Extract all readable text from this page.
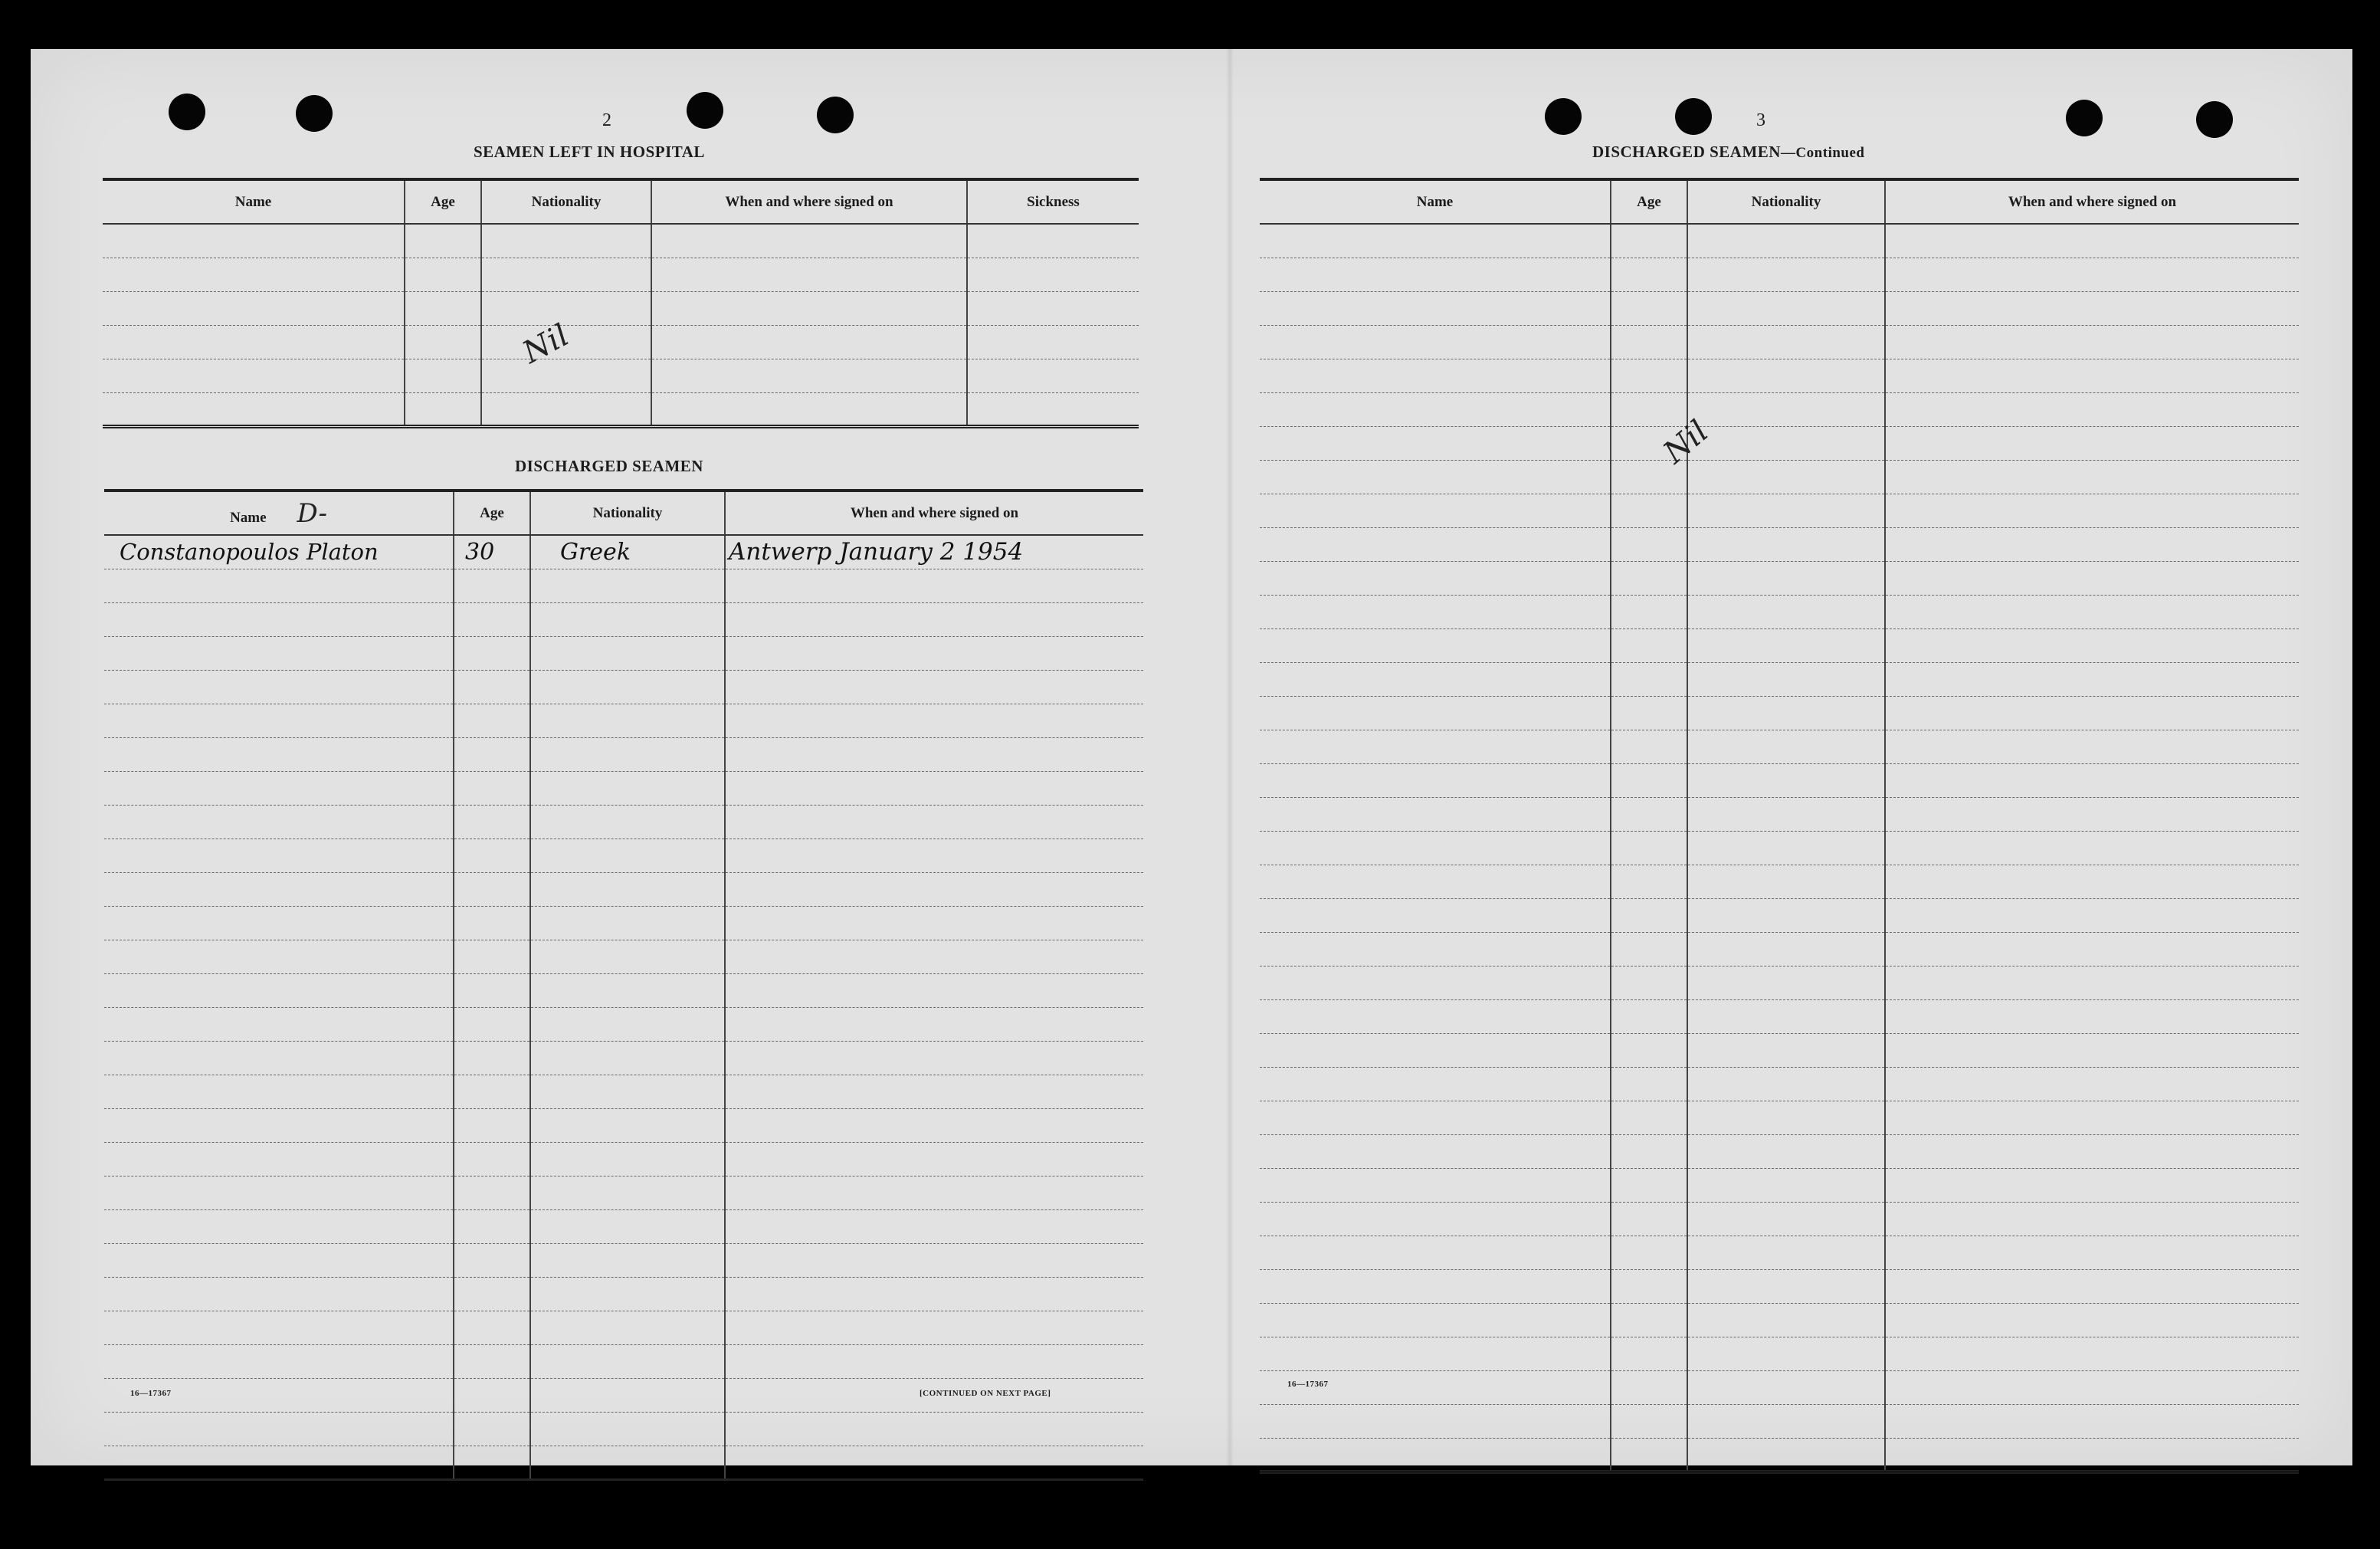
2
SEAMEN LEFT IN HOSPITAL
Name	Age	Nationality	When and where signed on	Sickness

Nil
DISCHARGED SEAMEN
Name D-	Age	Nationality	When and where signed on
Constanopoulos Platon	30	Greek	Antwerp January 2 1954

16—17367	[CONTINUED ON NEXT PAGE]
3
DISCHARGED SEAMEN—Continued
Name	Age	Nationality	When and where signed on

Nil
16—17367
